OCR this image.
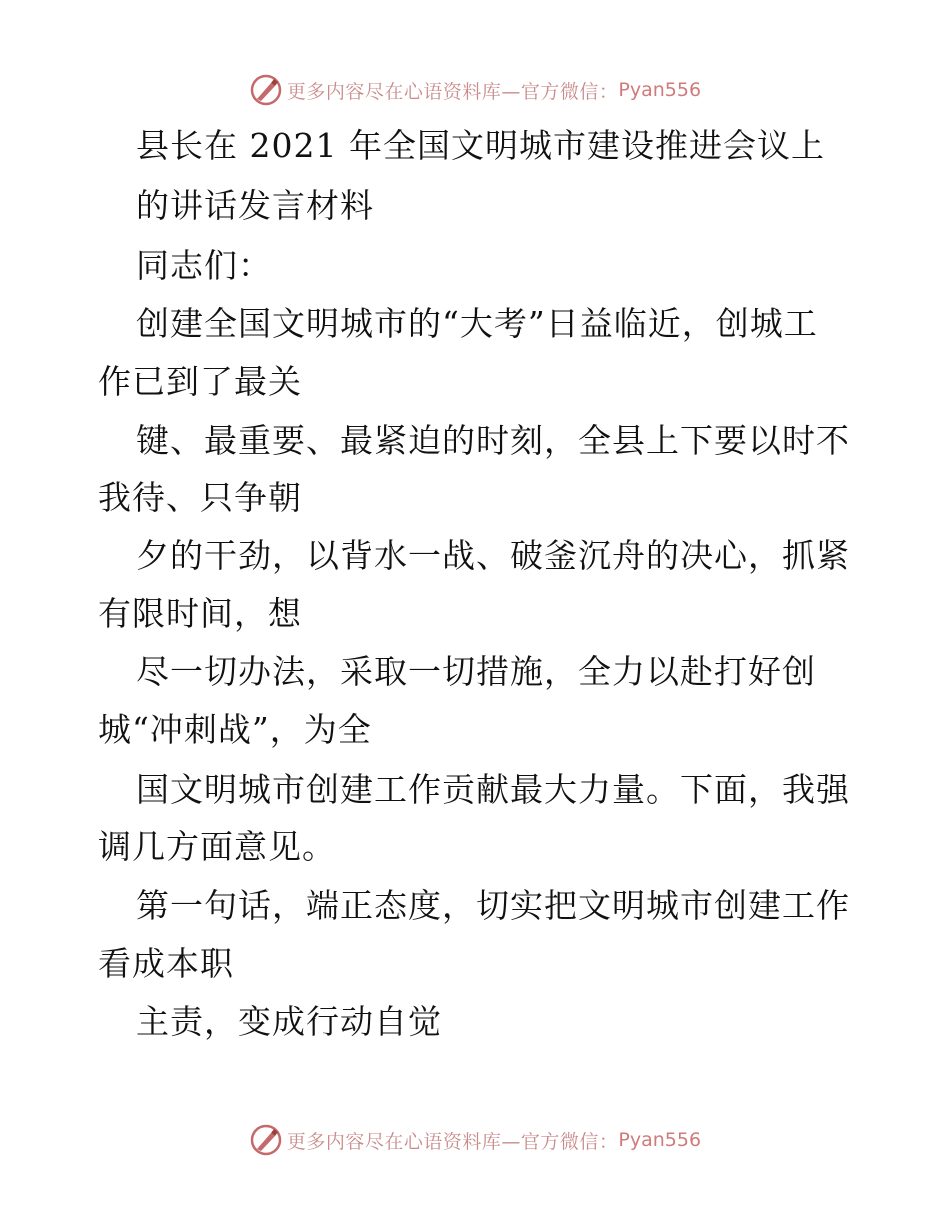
更多内容尽在心语资料库—官方微信： Pyan556
县长在 2021 年全国文明城市建设推进会议上
的讲话发言材料
同志们：
创建全国文明城市的“大考”日益临近，创城工
作已到了最关
键、最重要、最紧迫的时刻，全县上下要以时不
我待、只争朝
夕的干劲，以背水一战、破釜沉舟的决心，抓紧
有限时间，想
尽一切办法，采取一切措施，全力以赴打好创
城“冲刺战”，为全
国文明城市创建工作贡献最大力量。下面，我强
调几方面意见。
第一句话，端正态度，切实把文明城市创建工作
看成本职
主责，变成行动自觉
更多内容尽在心语资料库—官方微信： Pyan556
